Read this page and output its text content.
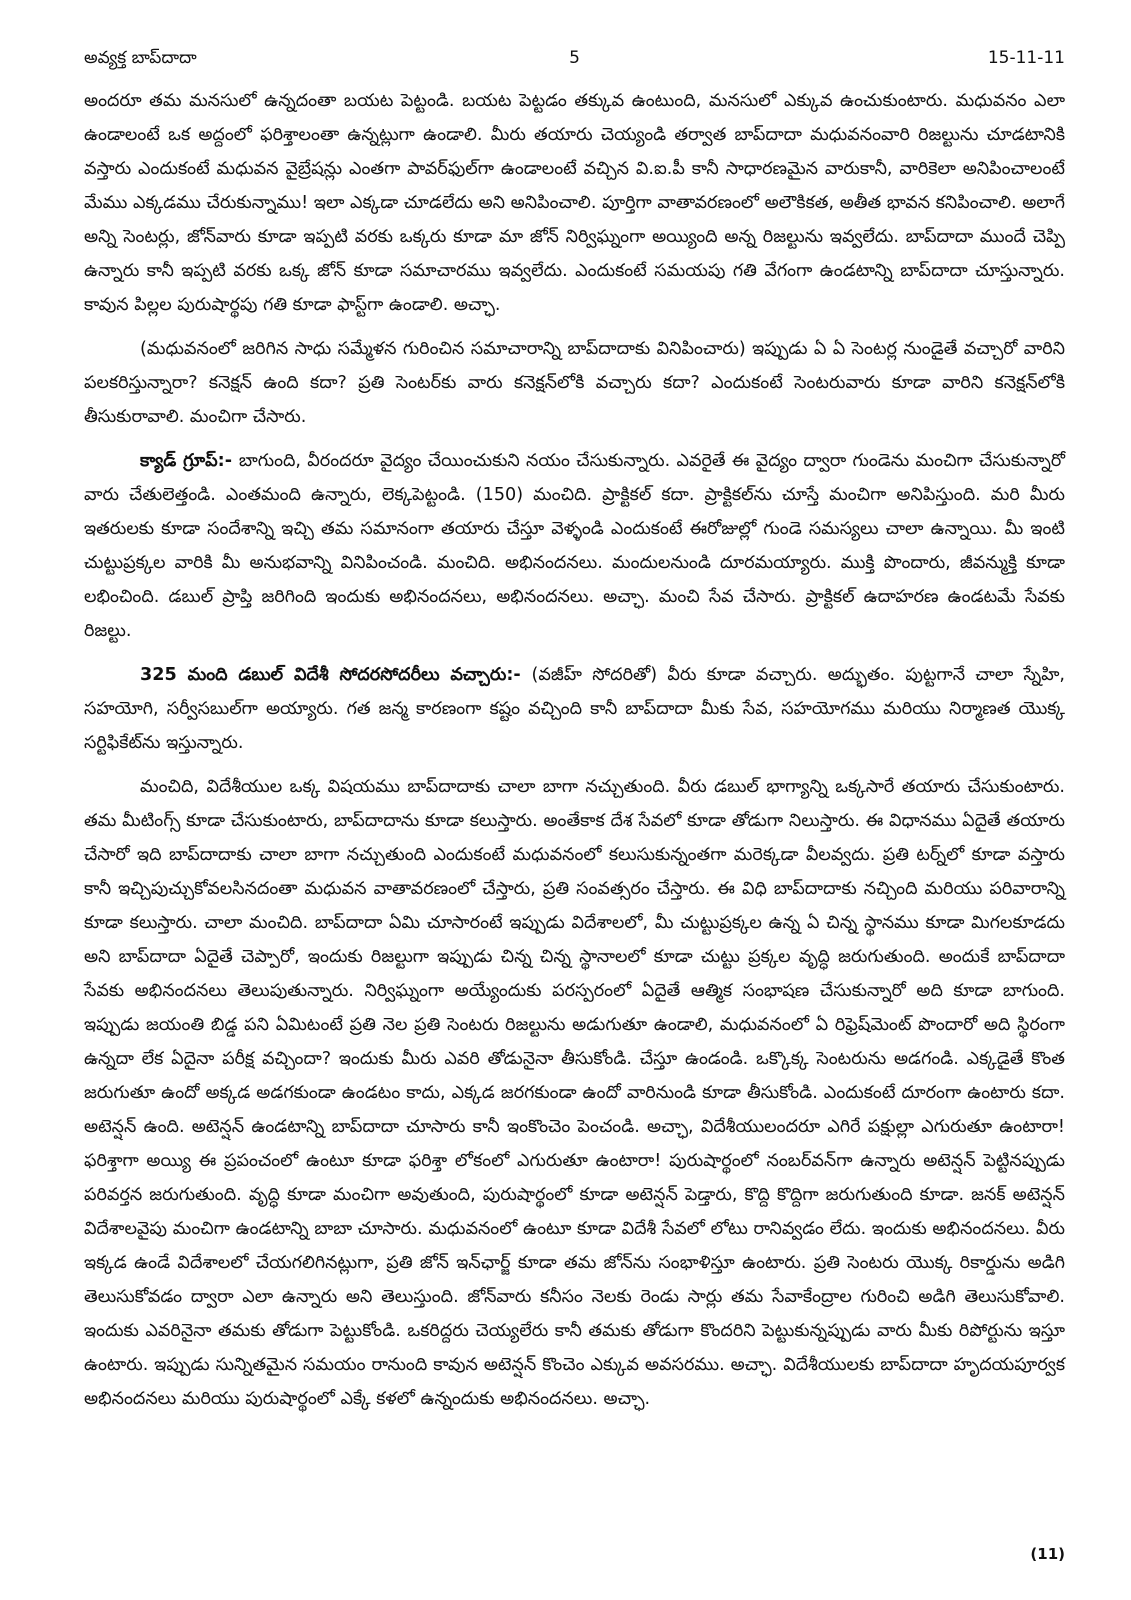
అవ్యక్త బాప్‌దాదా	5	15-11-11

అందరూ తమ మనసులో ఉన్నదంతా బయట పెట్టండి. బయట పెట్టడం తక్కువ ఉంటుంది, మనసులో ఎక్కువ ఉంచుకుంటారు. మధువనం ఎలా ఉండాలంటే ఒక అద్దంలో ఫరిశ్తాలంతా ఉన్నట్లుగా ఉండాలి. మీరు తయారు చెయ్యండి తర్వాత బాప్‌దాదా మధువనంవారి రిజల్టును చూడటానికి వస్తారు ఎందుకంటే మధువన వైబ్రేషన్లు ఎంతగా పావర్‌ఫుల్‌గా ఉండాలంటే వచ్చిన వి.ఐ.పీ కానీ సాధారణమైన వారుకానీ, వారికెలా అనిపించాలంటే మేము ఎక్కడము చేరుకున్నాము! ఇలా ఎక్కడా చూడలేదు అని అనిపించాలి. పూర్తిగా వాతావరణంలో అలౌకికత, అతీత భావన కనిపించాలి. అలాగే అన్ని సెంటర్లు, జోన్‌వారు కూడా ఇప్పటి వరకు ఒక్కరు కూడా మా జోన్ నిర్విఘ్నంగా అయ్యింది అన్న రిజల్టును ఇవ్వలేదు. బాప్‌దాదా ముందే చెప్పి ఉన్నారు కానీ ఇప్పటి వరకు ఒక్క జోన్ కూడా సమాచారము ఇవ్వలేదు. ఎందుకంటే సమయపు గతి వేగంగా ఉండటాన్ని బాప్‌దాదా చూస్తున్నారు. కావున పిల్లల పురుషార్థపు గతి కూడా ఫాస్ట్‌గా ఉండాలి. అచ్ఛా.

(మధువనంలో జరిగిన సాధు సమ్మేళన గురించిన సమాచారాన్ని బాప్‌దాదాకు వినిపించారు) ఇప్పుడు ఏ ఏ సెంటర్ల నుండైతే వచ్చారో వారిని పలకరిస్తున్నారా? కనెక్షన్ ఉంది కదా? ప్రతి సెంటర్‌కు వారు కనెక్షన్‌లోకి వచ్చారు కదా? ఎందుకంటే సెంటరువారు కూడా వారిని కనెక్షన్‌లోకి తీసుకురావాలి. మంచిగా చేసారు.

క్యాడ్ గ్రూప్:- బాగుంది, వీరందరూ వైద్యం చేయించుకుని నయం చేసుకున్నారు. ఎవరైతే ఈ వైద్యం ద్వారా గుండెను మంచిగా చేసుకున్నారో వారు చేతులెత్తండి. ఎంతమంది ఉన్నారు, లెక్కపెట్టండి. (150) మంచిది. ప్రాక్టికల్ కదా. ప్రాక్టికల్‌ను చూస్తే మంచిగా అనిపిస్తుంది. మరి మీరు ఇతరులకు కూడా సందేశాన్ని ఇచ్చి తమ సమానంగా తయారు చేస్తూ వెళ్ళండి ఎందుకంటే ఈరోజుల్లో గుండె సమస్యలు చాలా ఉన్నాయి. మీ ఇంటి చుట్టుప్రక్కల వారికి మీ అనుభవాన్ని వినిపించండి. మంచిది. అభినందనలు. మందులనుండి దూరమయ్యారు. ముక్తి పొందారు, జీవన్ముక్తి కూడా లభించింది. డబుల్ ప్రాప్తి జరిగింది ఇందుకు అభినందనలు, అభినందనలు. అచ్ఛా. మంచి సేవ చేసారు. ప్రాక్టికల్ ఉదాహరణ ఉండటమే సేవకు రిజల్టు.

325 మంది డబుల్ విదేశీ సోదరసోదరీలు వచ్చారు:- (వజీహ్ సోదరితో) వీరు కూడా వచ్చారు. అద్భుతం. పుట్టగానే చాలా స్నేహి, సహయోగి, సర్వీసబుల్‌గా అయ్యారు. గత జన్మ కారణంగా కష్టం వచ్చింది కానీ బాప్‌దాదా మీకు సేవ, సహయోగము మరియు నిర్మాణత యొక్క సర్టిఫికేట్‌ను ఇస్తున్నారు.

మంచిది, విదేశీయుల ఒక్క విషయము బాప్‌దాదాకు చాలా బాగా నచ్చుతుంది. వీరు డబుల్ భాగ్యాన్ని ఒక్కసారే తయారు చేసుకుంటారు. తమ మీటింగ్స్ కూడా చేసుకుంటారు, బాప్‌దాదాను కూడా కలుస్తారు. అంతేకాక దేశ సేవలో కూడా తోడుగా నిలుస్తారు. ఈ విధానము ఏదైతే తయారు చేసారో ఇది బాప్‌దాదాకు చాలా బాగా నచ్చుతుంది ఎందుకంటే మధువనంలో కలుసుకున్నంతగా మరెక్కడా వీలవ్వదు. ప్రతి టర్న్‌లో కూడా వస్తారు కానీ ఇచ్చిపుచ్చుకోవలసినదంతా మధువన వాతావరణంలో చేస్తారు, ప్రతి సంవత్సరం చేస్తారు. ఈ విధి బాప్‌దాదాకు నచ్చింది మరియు పరివారాన్ని కూడా కలుస్తారు. చాలా మంచిది. బాప్‌దాదా ఏమి చూసారంటే ఇప్పుడు విదేశాలలో, మీ చుట్టుప్రక్కల ఉన్న ఏ చిన్న స్థానము కూడా మిగలకూడదు అని బాప్‌దాదా ఏదైతే చెప్పారో, ఇందుకు రిజల్టుగా ఇప్పుడు చిన్న చిన్న స్థానాలలో కూడా చుట్టు ప్రక్కల వృద్ధి జరుగుతుంది. అందుకే బాప్‌దాదా సేవకు అభినందనలు తెలుపుతున్నారు. నిర్విఘ్నంగా అయ్యేందుకు పరస్పరంలో ఏదైతే ఆత్మిక సంభాషణ చేసుకున్నారో అది కూడా బాగుంది. ఇప్పుడు జయంతి బిడ్డ పని ఏమిటంటే ప్రతి నెల ప్రతి సెంటరు రిజల్టును అడుగుతూ ఉండాలి, మధువనంలో ఏ రిఫ్రెష్‌మెంట్ పొందారో అది స్థిరంగా ఉన్నదా లేక ఏదైనా పరీక్ష వచ్చిందా? ఇందుకు మీరు ఎవరి తోడునైనా తీసుకోండి. చేస్తూ ఉండండి. ఒక్కొక్క సెంటరును అడగండి. ఎక్కడైతే కొంత జరుగుతూ ఉందో అక్కడ అడగకుండా ఉండటం కాదు, ఎక్కడ జరగకుండా ఉందో వారినుండి కూడా తీసుకోండి. ఎందుకంటే దూరంగా ఉంటారు కదా. అటెన్షన్ ఉంది. అటెన్షన్ ఉండటాన్ని బాప్‌దాదా చూసారు కానీ ఇంకొంచెం పెంచండి. అచ్ఛా, విదేశీయులందరూ ఎగిరే పక్షుల్లా ఎగురుతూ ఉంటారా! ఫరిశ్తాగా అయ్యి ఈ ప్రపంచంలో ఉంటూ కూడా ఫరిశ్తా లోకంలో ఎగురుతూ ఉంటారా! పురుషార్థంలో నంబర్‌వన్‌గా ఉన్నారు అటెన్షన్ పెట్టినప్పుడు పరివర్తన జరుగుతుంది. వృద్ధి కూడా మంచిగా అవుతుంది, పురుషార్థంలో కూడా అటెన్షన్ పెడ్తారు, కొద్ది కొద్దిగా జరుగుతుంది కూడా. జనక్ అటెన్షన్ విదేశాలవైపు మంచిగా ఉండటాన్ని బాబా చూసారు. మధువనంలో ఉంటూ కూడా విదేశీ సేవలో లోటు రానివ్వడం లేదు. ఇందుకు అభినందనలు. వీరు ఇక్కడ ఉండే విదేశాలలో చేయగలిగినట్లుగా, ప్రతి జోన్ ఇన్‌ఛార్జ్ కూడా తమ జోన్‌ను సంభాళిస్తూ ఉంటారు. ప్రతి సెంటరు యొక్క రికార్డును అడిగి తెలుసుకోవడం ద్వారా ఎలా ఉన్నారు అని తెలుస్తుంది. జోన్‌వారు కనీసం నెలకు రెండు సార్లు తమ సేవాకేంద్రాల గురించి అడిగి తెలుసుకోవాలి. ఇందుకు ఎవరినైనా తమకు తోడుగా పెట్టుకోండి. ఒకరిద్దరు చెయ్యలేరు కానీ తమకు తోడుగా కొందరిని పెట్టుకున్నప్పుడు వారు మీకు రిపోర్టును ఇస్తూ ఉంటారు. ఇప్పుడు సున్నితమైన సమయం రానుంది కావున అటెన్షన్ కొంచెం ఎక్కువ అవసరము. అచ్ఛా. విదేశీయులకు బాప్‌దాదా హృదయపూర్వక అభినందనలు మరియు పురుషార్థంలో ఎక్కే కళలో ఉన్నందుకు అభినందనలు. అచ్ఛా.

(11)
